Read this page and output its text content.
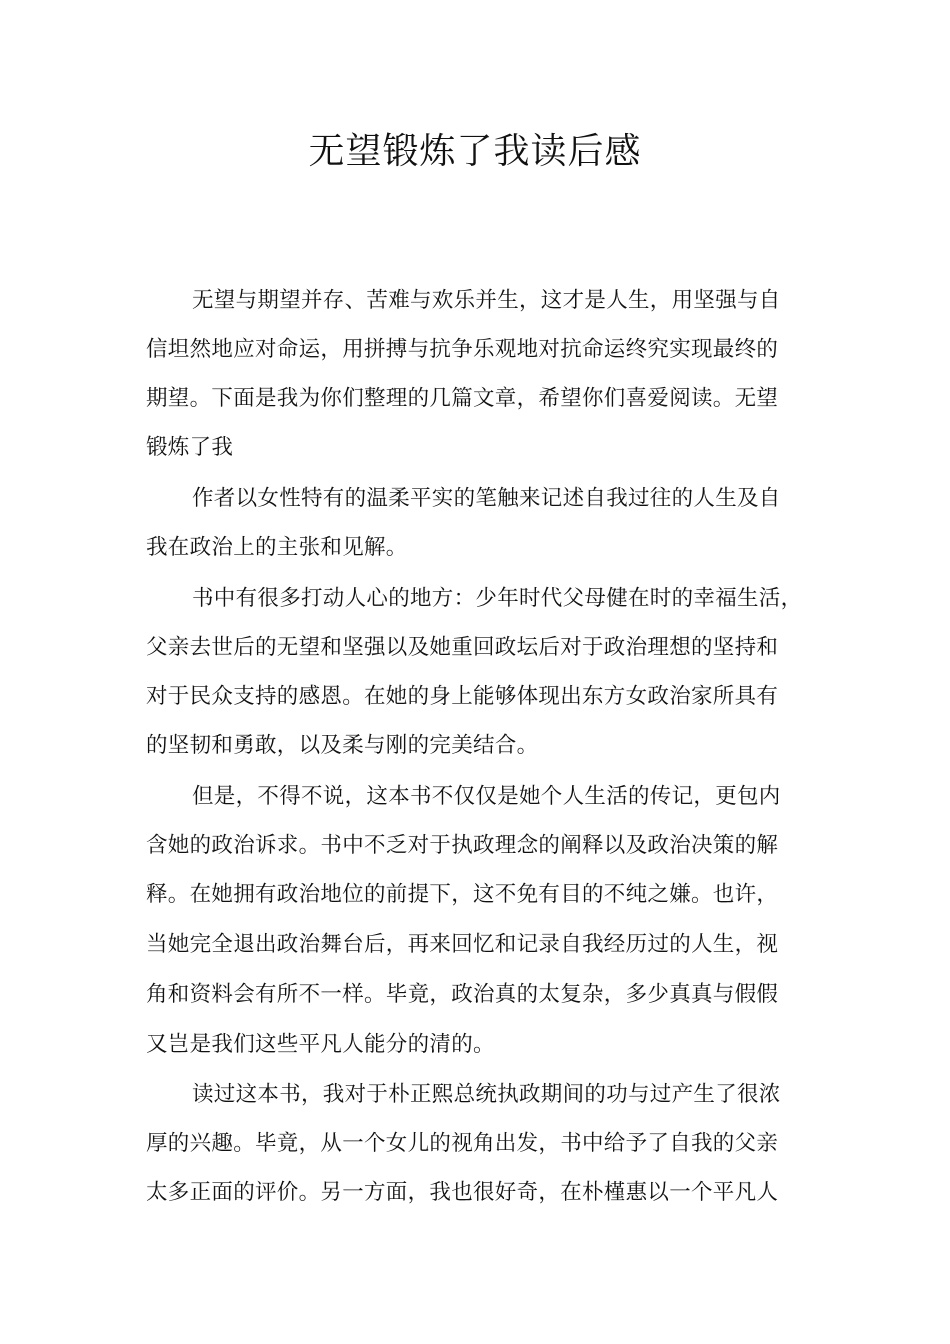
无望锻炼了我读后感
无望与期望并存、苦难与欢乐并生，这才是人生，用坚强与自
信坦然地应对命运，用拼搏与抗争乐观地对抗命运终究实现最终的
期望。下面是我为你们整理的几篇文章，希望你们喜爱阅读。无望
锻炼了我
作者以女性特有的温柔平实的笔触来记述自我过往的人生及自
我在政治上的主张和见解。
书中有很多打动人心的地方：少年时代父母健在时的幸福生活，
父亲去世后的无望和坚强以及她重回政坛后对于政治理想的坚持和
对于民众支持的感恩。在她的身上能够体现出东方女政治家所具有
的坚韧和勇敢，以及柔与刚的完美结合。
但是，不得不说，这本书不仅仅是她个人生活的传记，更包内
含她的政治诉求。书中不乏对于执政理念的阐释以及政治决策的解
释。在她拥有政治地位的前提下，这不免有目的不纯之嫌。也许，
当她完全退出政治舞台后，再来回忆和记录自我经历过的人生，视
角和资料会有所不一样。毕竟，政治真的太复杂，多少真真与假假
又岂是我们这些平凡人能分的清的。
读过这本书，我对于朴正熙总统执政期间的功与过产生了很浓
厚的兴趣。毕竟，从一个女儿的视角出发，书中给予了自我的父亲
太多正面的评价。另一方面，我也很好奇，在朴槿惠以一个平凡人
